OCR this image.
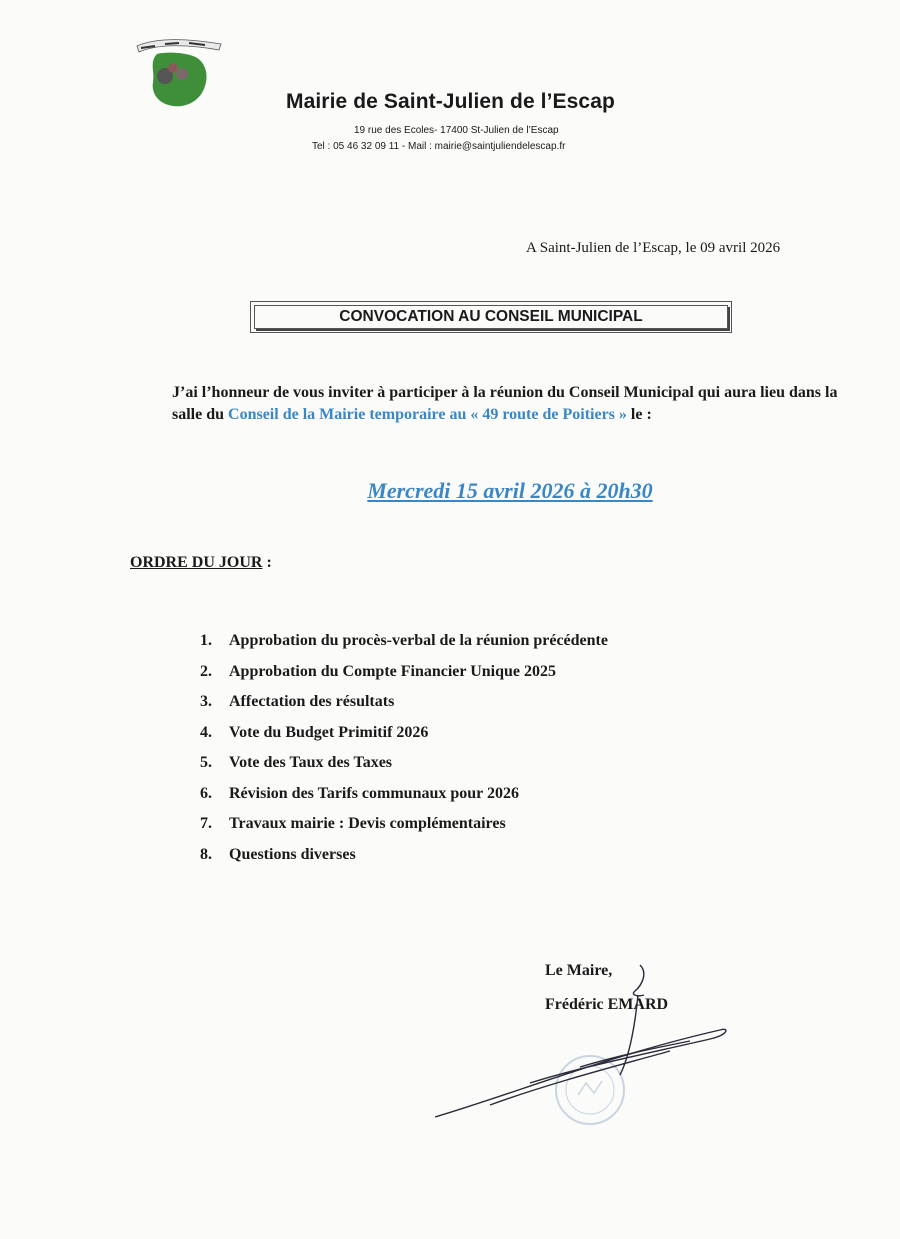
Mairie de Saint-Julien de l’Escap
19 rue des Ecoles- 17400 St-Julien de l’Escap
Tel : 05 46 32 09 11 - Mail : mairie@saintjuliendelescap.fr
A Saint-Julien de l’Escap, le 09 avril 2026
CONVOCATION AU CONSEIL MUNICIPAL
J’ai l’honneur de vous inviter à participer à la réunion du Conseil Municipal qui aura lieu dans la salle du Conseil de la Mairie temporaire au « 49 route de Poitiers » le :
Mercredi 15 avril 2026 à 20h30
ORDRE DU JOUR :
1.	Approbation du procès-verbal de la réunion précédente
2.	Approbation du Compte Financier Unique 2025
3.	Affectation des résultats
4.	Vote du Budget Primitif 2026
5.	Vote des Taux des Taxes
6.	Révision des Tarifs communaux pour 2026
7.	Travaux mairie : Devis complémentaires
8.	Questions diverses
Le Maire,
Frédéric EMARD
